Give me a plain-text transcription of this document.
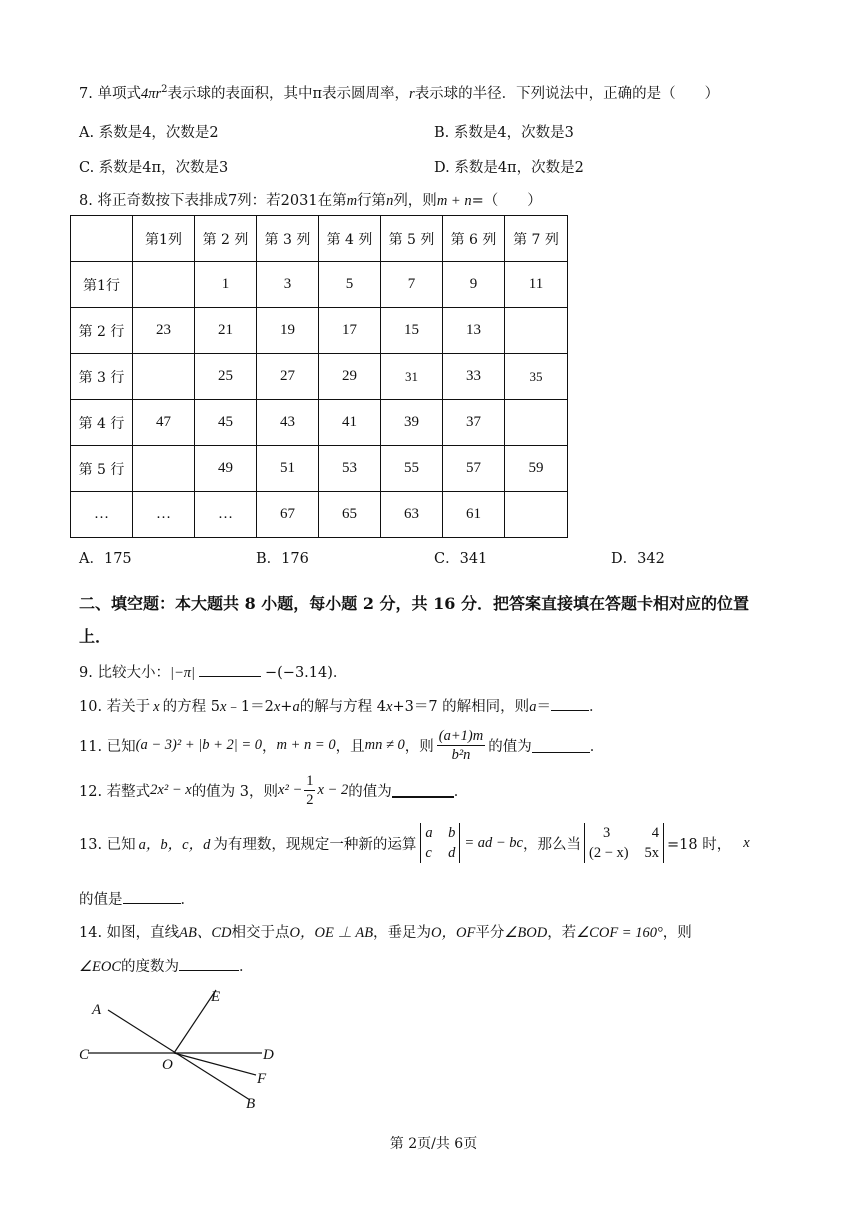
7. 单项式$4\pi r^2$表示球的表面积，其中π表示圆周率，r表示球的半径．下列说法中，正确的是（　　）
A. 系数是4，次数是2	B. 系数是4，次数是3
C. 系数是4π，次数是3	D. 系数是4π，次数是2
8. 将正奇数按下表排成7列：若2031在第m行第n列，则m + n=（　　）
	第1列	第 2 列	第 3 列	第 4 列	第 5 列	第 6 列	第 7 列
第1行		1	3	5	7	9	11
第 2 行	23	21	19	17	15	13	
第 3 行		25	27	29	31	33	35
第 4 行	47	45	43	41	39	37	
第 5 行		49	51	53	55	57	59
…	…	…	67	65	63	61	
A．175	B．176	C．341	D．342
二、填空题：本大题共 8 小题，每小题 2 分，共 16 分．把答案直接填在答题卡相对应的位置
上．
9. 比较大小：|−π|	−(−3.14)．
10. 若关于 x 的方程 5x﹣1＝2x+a的解与方程 4x+3＝7 的解相同，则a＝	．
11. 已知 (a − 3)² + |b + 2| = 0 ， m + n = 0 ，且 mn ≠ 0 ，则 $\frac{(a+1)m}{\text{b²n}}$ 的值为	．
12. 若整式 2x² − x 的值为 3，则 $x^2 - \frac{1}{2}$ x − 2 的值为	．
13. 已知 a，b，c，d 为有理数，现规定一种新的运算
a b
c d
= ad − bc ，那么当
3	4
(2 − x) 5x
=18 时， x
的值是	．
14. 如图，直线AB、CD相交于点O，OE ⊥ AB，垂足为O，OF平分∠BOD，若∠COF = 160°，则
∠EOC的度数为	．
A
E
C
O
D
F
B
第 2页/共 6页
